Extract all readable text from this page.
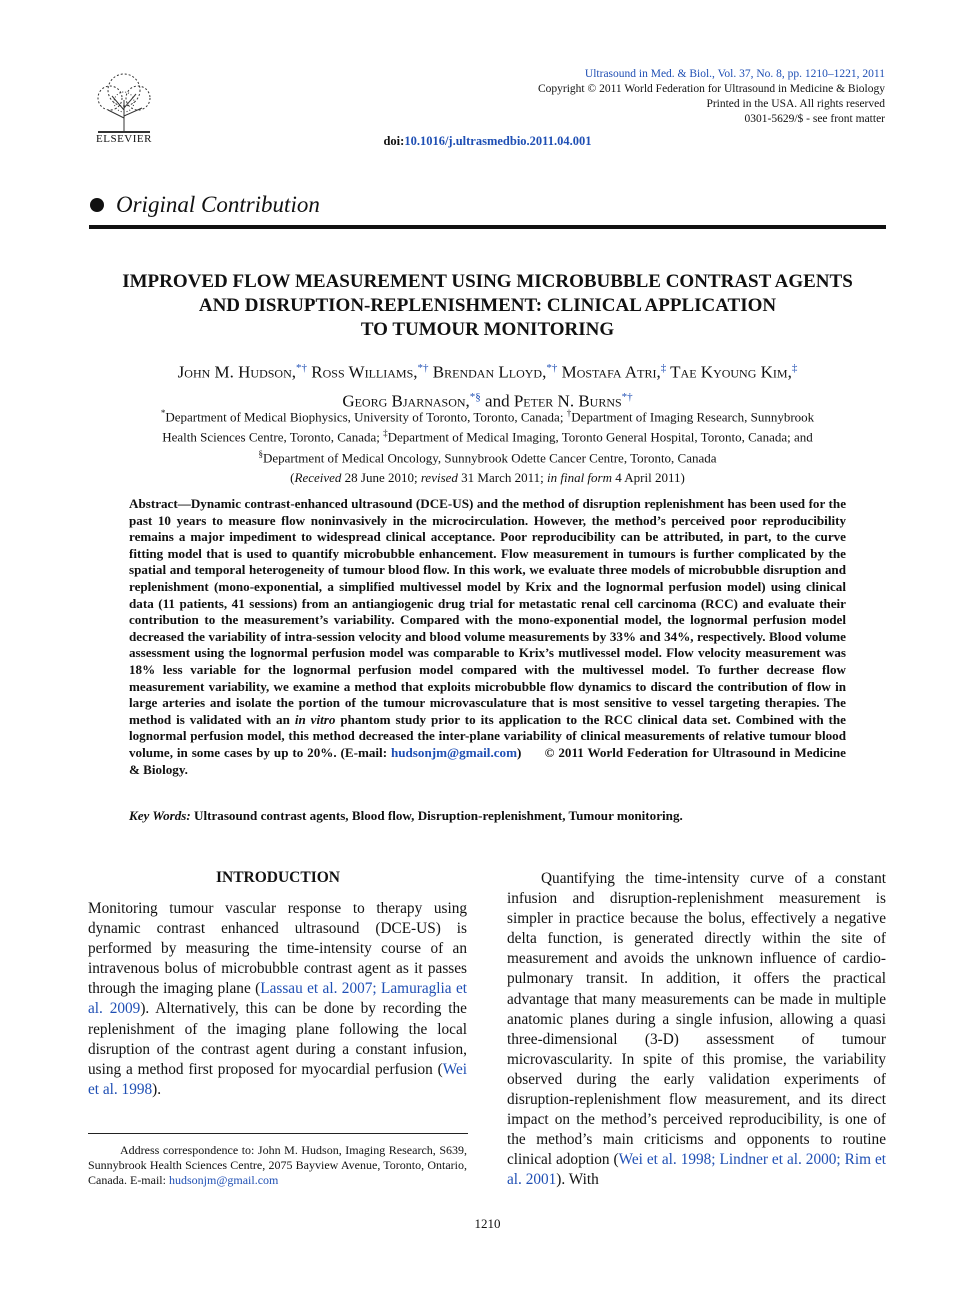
ELSEVIER
Ultrasound in Med. & Biol., Vol. 37, No. 8, pp. 1210–1221, 2011
Copyright © 2011 World Federation for Ultrasound in Medicine & Biology
Printed in the USA. All rights reserved
0301-5629/$ - see front matter
doi:10.1016/j.ultrasmedbio.2011.04.001
Original Contribution
IMPROVED FLOW MEASUREMENT USING MICROBUBBLE CONTRAST AGENTS
AND DISRUPTION-REPLENISHMENT: CLINICAL APPLICATION
TO TUMOUR MONITORING
John M. Hudson,*† Ross Williams,*† Brendan Lloyd,*† Mostafa Atri,‡ Tae Kyoung Kim,‡
Georg Bjarnason,*§ and Peter N. Burns*†
*Department of Medical Biophysics, University of Toronto, Toronto, Canada; †Department of Imaging Research, Sunnybrook
Health Sciences Centre, Toronto, Canada; ‡Department of Medical Imaging, Toronto General Hospital, Toronto, Canada; and
§Department of Medical Oncology, Sunnybrook Odette Cancer Centre, Toronto, Canada
(Received 28 June 2010; revised 31 March 2011; in final form 4 April 2011)
Abstract—Dynamic contrast-enhanced ultrasound (DCE-US) and the method of disruption replenishment has been used for the past 10 years to measure flow noninvasively in the microcirculation. However, the method’s perceived poor reproducibility remains a major impediment to widespread clinical acceptance. Poor reproducibility can be attributed, in part, to the curve fitting model that is used to quantify microbubble enhancement. Flow measurement in tumours is further complicated by the spatial and temporal heterogeneity of tumour blood flow. In this work, we evaluate three models of microbubble disruption and replenishment (mono-exponential, a simplified multivessel model by Krix and the lognormal perfusion model) using clinical data (11 patients, 41 sessions) from an antiangiogenic drug trial for metastatic renal cell carcinoma (RCC) and evaluate their contribution to the measurement’s variability. Compared with the mono-exponential model, the lognormal perfusion model decreased the variability of intra-session velocity and blood volume measurements by 33% and 34%, respectively. Blood volume assessment using the lognormal perfusion model was comparable to Krix’s mutlivessel model. Flow velocity measurement was 18% less variable for the lognormal perfusion model compared with the multivessel model. To further decrease flow measurement variability, we examine a method that exploits microbubble flow dynamics to discard the contribution of flow in large arteries and isolate the portion of the tumour microvasculature that is most sensitive to vessel targeting therapies. The method is validated with an in vitro phantom study prior to its application to the RCC clinical data set. Combined with the lognormal perfusion model, this method decreased the inter-plane variability of clinical measurements of relative tumour blood volume, in some cases by up to 20%. (E-mail: hudsonjm@gmail.com)      © 2011 World Federation for Ultrasound in Medicine & Biology.
Key Words: Ultrasound contrast agents, Blood flow, Disruption-replenishment, Tumour monitoring.
INTRODUCTION

Monitoring tumour vascular response to therapy using dynamic contrast enhanced ultrasound (DCE-US) is performed by measuring the time-intensity course of an intravenous bolus of microbubble contrast agent as it passes through the imaging plane (Lassau et al. 2007; Lamuraglia et al. 2009). Alternatively, this can be done by recording the replenishment of the imaging plane following the local disruption of the contrast agent during a constant infusion, using a method first proposed for myocardial perfusion (Wei et al. 1998).

Address correspondence to: John M. Hudson, Imaging Research, S639, Sunnybrook Health Sciences Centre, 2075 Bayview Avenue, Toronto, Ontario, Canada. E-mail: hudsonjm@gmail.com

Quantifying the time-intensity curve of a constant infusion and disruption-replenishment measurement is simpler in practice because the bolus, effectively a negative delta function, is generated directly within the site of measurement and avoids the unknown influence of cardio-pulmonary transit. In addition, it offers the practical advantage that many measurements can be made in multiple anatomic planes during a single infusion, allowing a quasi three-dimensional (3-D) assessment of tumour microvascularity. In spite of this promise, the variability observed during the early validation experiments of disruption-replenishment flow measurement, and its direct impact on the method’s perceived reproducibility, is one of the method’s main criticisms and opponents to routine clinical adoption (Wei et al. 1998; Lindner et al. 2000; Rim et al. 2001). With

1210
